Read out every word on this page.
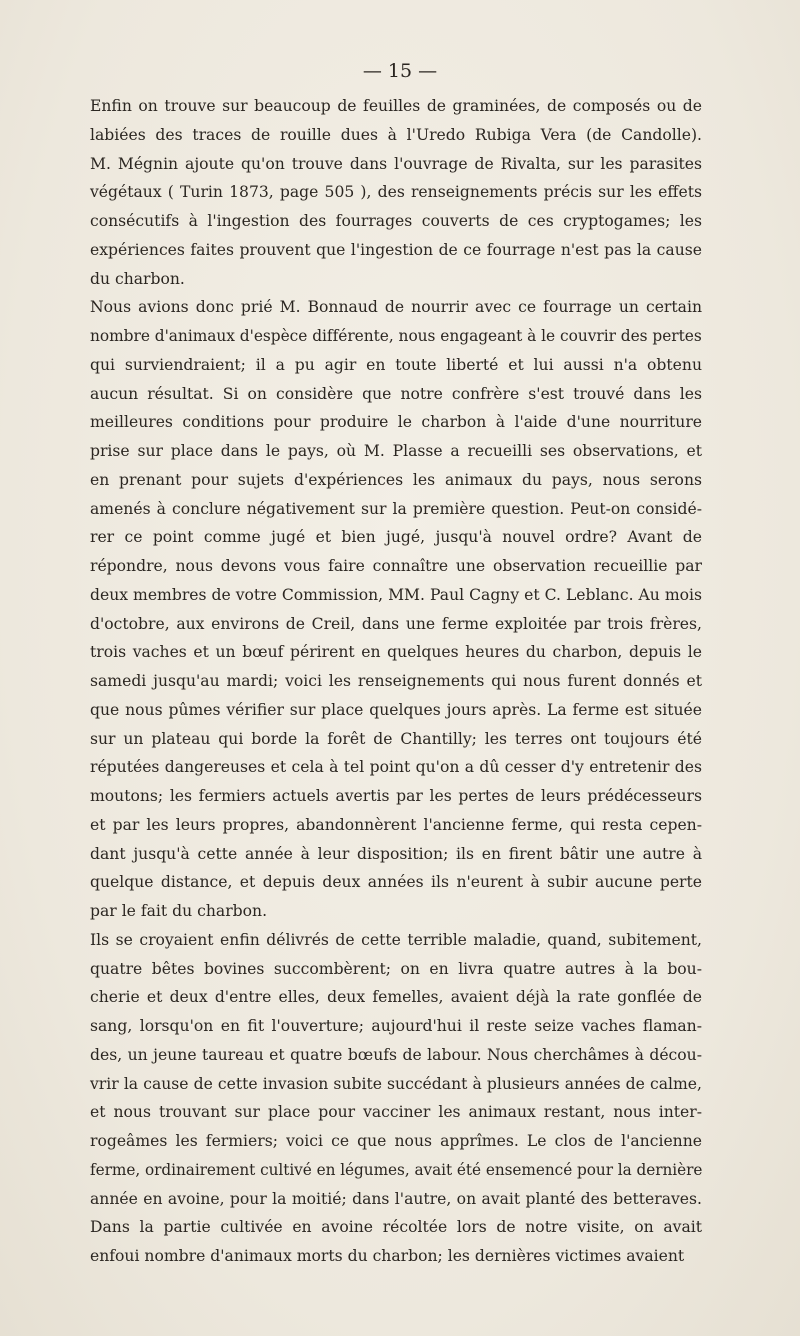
— 15 —
Enfin on trouve sur beaucoup de feuilles de graminées, de composés ou de
labiées des traces de rouille dues à l'Uredo Rubiga Vera (de Candolle).
M. Mégnin ajoute qu'on trouve dans l'ouvrage de Rivalta, sur les parasites
végétaux ( Turin 1873, page 505 ), des renseignements précis sur les effets
consécutifs à l'ingestion des fourrages couverts de ces cryptogames; les
expériences faites prouvent que l'ingestion de ce fourrage n'est pas la cause
du charbon.
Nous avions donc prié M. Bonnaud de nourrir avec ce fourrage un certain
nombre d'animaux d'espèce différente, nous engageant à le couvrir des pertes
qui surviendraient; il a pu agir en toute liberté et lui aussi n'a obtenu
aucun résultat. Si on considère que notre confrère s'est trouvé dans les
meilleures conditions pour produire le charbon à l'aide d'une nourriture
prise sur place dans le pays, où M. Plasse a recueilli ses observations, et
en prenant pour sujets d'expériences les animaux du pays, nous serons
amenés à conclure négativement sur la première question. Peut-on considé-
rer ce point comme jugé et bien jugé, jusqu'à nouvel ordre? Avant de
répondre, nous devons vous faire connaître une observation recueillie par
deux membres de votre Commission, MM. Paul Cagny et C. Leblanc. Au mois
d'octobre, aux environs de Creil, dans une ferme exploitée par trois frères,
trois vaches et un bœuf périrent en quelques heures du charbon, depuis le
samedi jusqu'au mardi; voici les renseignements qui nous furent donnés et
que nous pûmes vérifier sur place quelques jours après. La ferme est située
sur un plateau qui borde la forêt de Chantilly; les terres ont toujours été
réputées dangereuses et cela à tel point qu'on a dû cesser d'y entretenir des
moutons; les fermiers actuels avertis par les pertes de leurs prédécesseurs
et par les leurs propres, abandonnèrent l'ancienne ferme, qui resta cepen-
dant jusqu'à cette année à leur disposition; ils en firent bâtir une autre à
quelque distance, et depuis deux années ils n'eurent à subir aucune perte
par le fait du charbon.
Ils se croyaient enfin délivrés de cette terrible maladie, quand, subitement,
quatre bêtes bovines succombèrent; on en livra quatre autres à la bou-
cherie et deux d'entre elles, deux femelles, avaient déjà la rate gonflée de
sang, lorsqu'on en fit l'ouverture; aujourd'hui il reste seize vaches flaman-
des, un jeune taureau et quatre bœufs de labour. Nous cherchâmes à décou-
vrir la cause de cette invasion subite succédant à plusieurs années de calme,
et nous trouvant sur place pour vacciner les animaux restant, nous inter-
rogeâmes les fermiers; voici ce que nous apprîmes. Le clos de l'ancienne
ferme, ordinairement cultivé en légumes, avait été ensemencé pour la dernière
année en avoine, pour la moitié; dans l'autre, on avait planté des betteraves.
Dans la partie cultivée en avoine récoltée lors de notre visite, on avait
enfoui nombre d'animaux morts du charbon; les dernières victimes avaient
